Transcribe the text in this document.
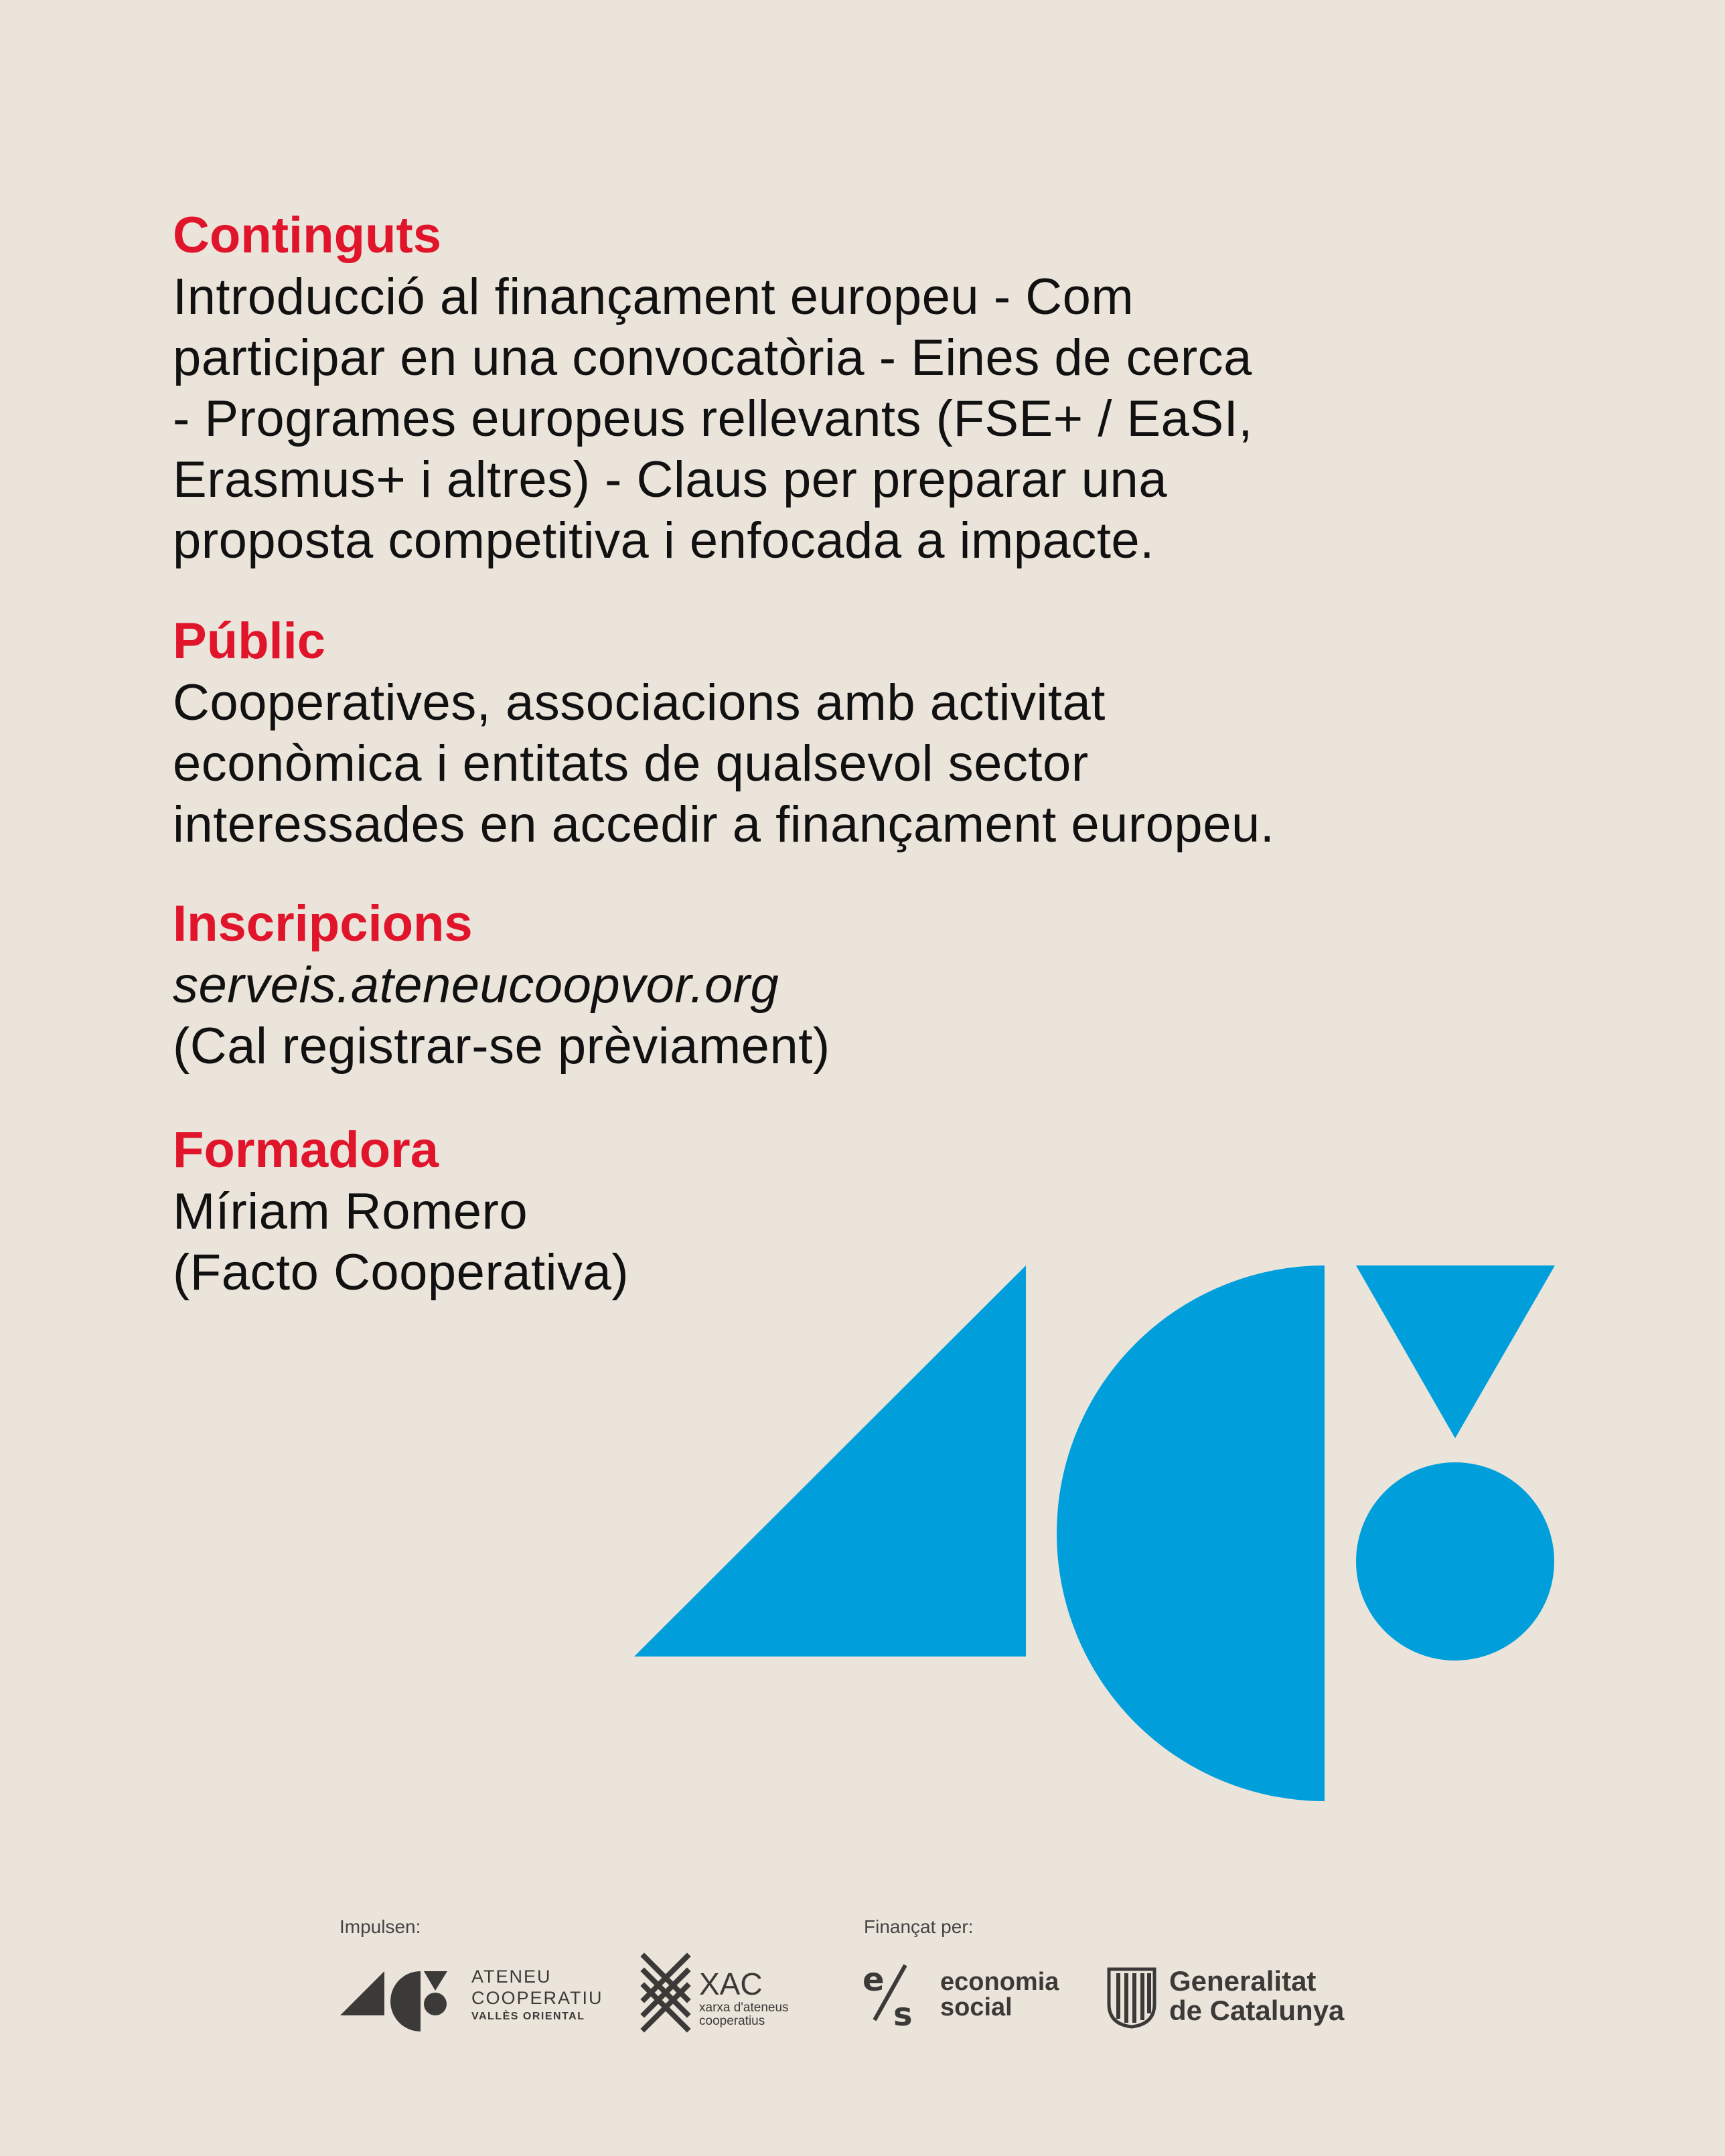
Continguts

Introducció al finançament europeu - Com
participar en una convocatòria - Eines de cerca
- Programes europeus rellevants (FSE+ / EaSI,
Erasmus+ i altres) - Claus per preparar una
proposta competitiva i enfocada a impacte.

Públic

Cooperatives, associacions amb activitat
econòmica i entitats de qualsevol sector
interessades en accedir a finançament europeu.

Inscripcions

serveis.ateneucoopvor.org
(Cal registrar-se prèviament)

Formadora

Míriam Romero
(Facto Cooperativa)

Impulsen:	Finançat per:
ATENEU
COOPERATIU
VALLÈS ORIENTAL
XAC
xarxa d'ateneus
cooperatius
e
s
economia
social
Generalitat
de Catalunya
